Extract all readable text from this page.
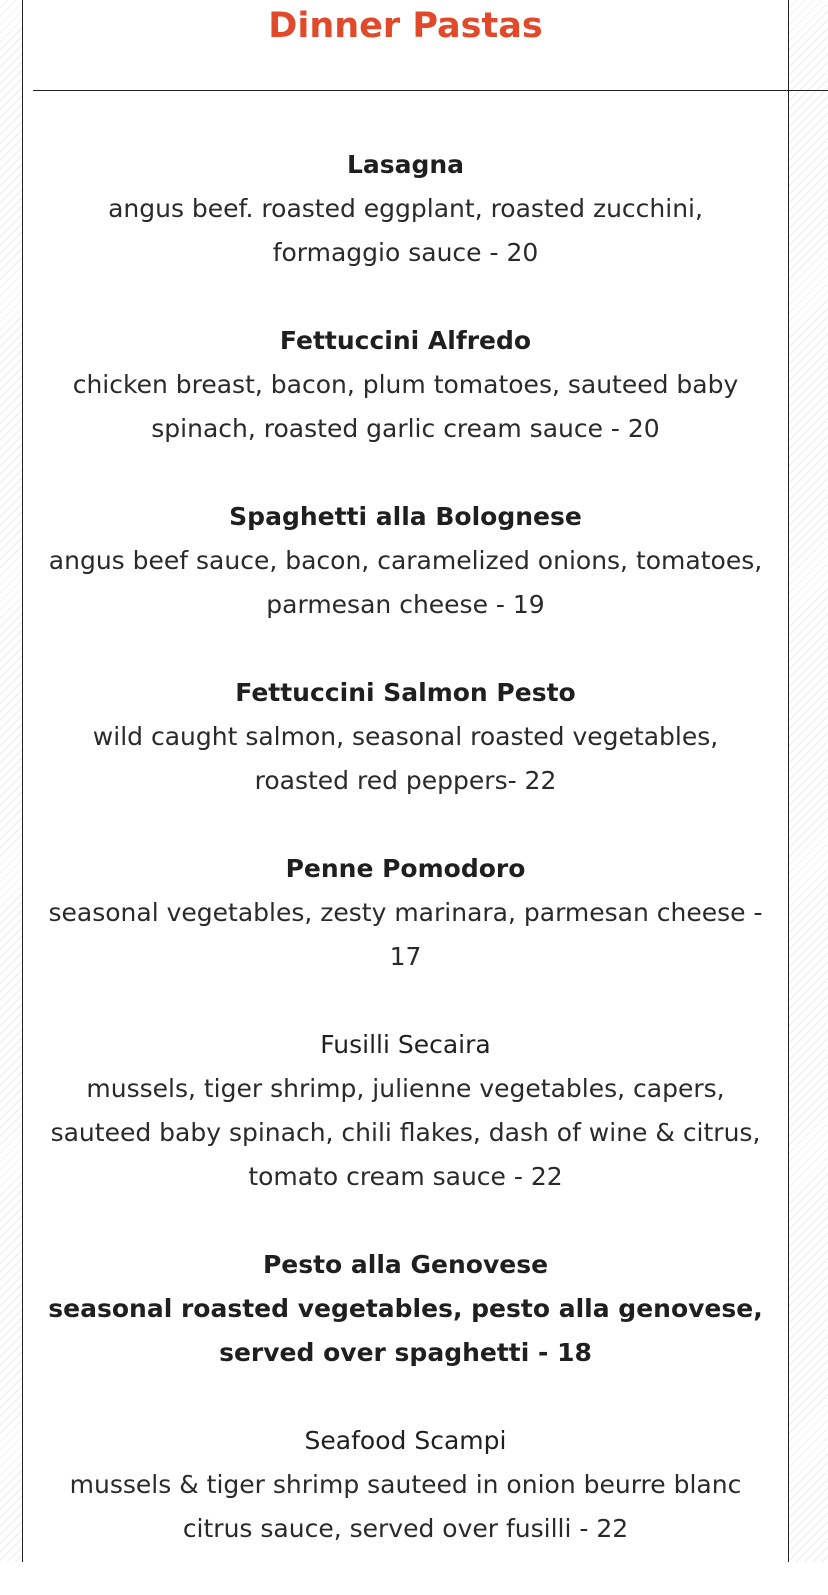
Dinner Pastas
Lasagna
angus beef. roasted eggplant, roasted zucchini,
formaggio sauce - 20
Fettuccini Alfredo
chicken breast, bacon, plum tomatoes, sauteed baby
spinach, roasted garlic cream sauce - 20
Spaghetti alla Bolognese
angus beef sauce, bacon, caramelized onions, tomatoes,
parmesan cheese - 19
Fettuccini Salmon Pesto
wild caught salmon, seasonal roasted vegetables,
roasted red peppers- 22
Penne Pomodoro
seasonal vegetables, zesty marinara, parmesan cheese -
17
Fusilli Secaira
mussels, tiger shrimp, julienne vegetables, capers,
sauteed baby spinach, chili flakes, dash of wine & citrus,
tomato cream sauce - 22
Pesto alla Genovese
seasonal roasted vegetables, pesto alla genovese,
served over spaghetti - 18
Seafood Scampi
mussels & tiger shrimp sauteed in onion beurre blanc
citrus sauce, served over fusilli - 22
